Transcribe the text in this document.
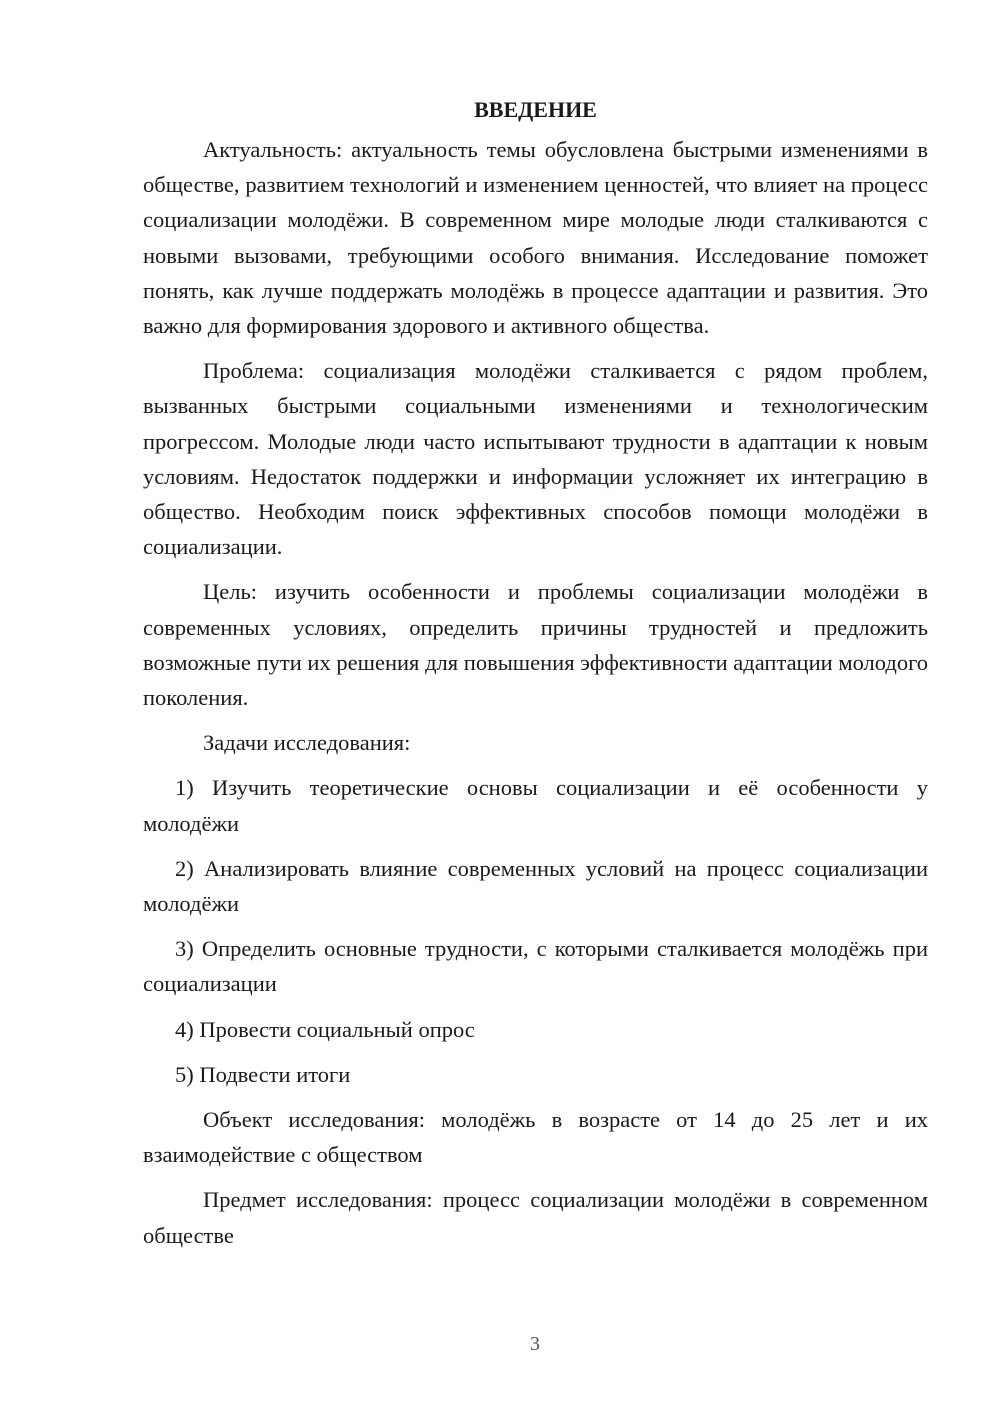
ВВЕДЕНИЕ

Актуальность: актуальность темы обусловлена быстрыми изменениями в обществе, развитием технологий и изменением ценностей, что влияет на процесс социализации молодёжи. В современном мире молодые люди сталкиваются с новыми вызовами, требующими особого внимания. Исследование поможет понять, как лучше поддержать молодёжь в процессе адаптации и развития. Это важно для формирования здорового и активного общества.

Проблема: социализация молодёжи сталкивается с рядом проблем, вызванных быстрыми социальными изменениями и технологическим прогрессом. Молодые люди часто испытывают трудности в адаптации к новым условиям. Недостаток поддержки и информации усложняет их интеграцию в общество. Необходим поиск эффективных способов помощи молодёжи в социализации.

Цель: изучить особенности и проблемы социализации молодёжи в современных условиях, определить причины трудностей и предложить возможные пути их решения для повышения эффективности адаптации молодого поколения.

Задачи исследования:

1) Изучить теоретические основы социализации и её особенности у молодёжи

2) Анализировать влияние современных условий на процесс социализации молодёжи

3) Определить основные трудности, с которыми сталкивается молодёжь при социализации

4) Провести социальный опрос

5) Подвести итоги

Объект исследования: молодёжь в возрасте от 14 до 25 лет и их взаимодействие с обществом

Предмет исследования: процесс социализации молодёжи в современном обществе

3
